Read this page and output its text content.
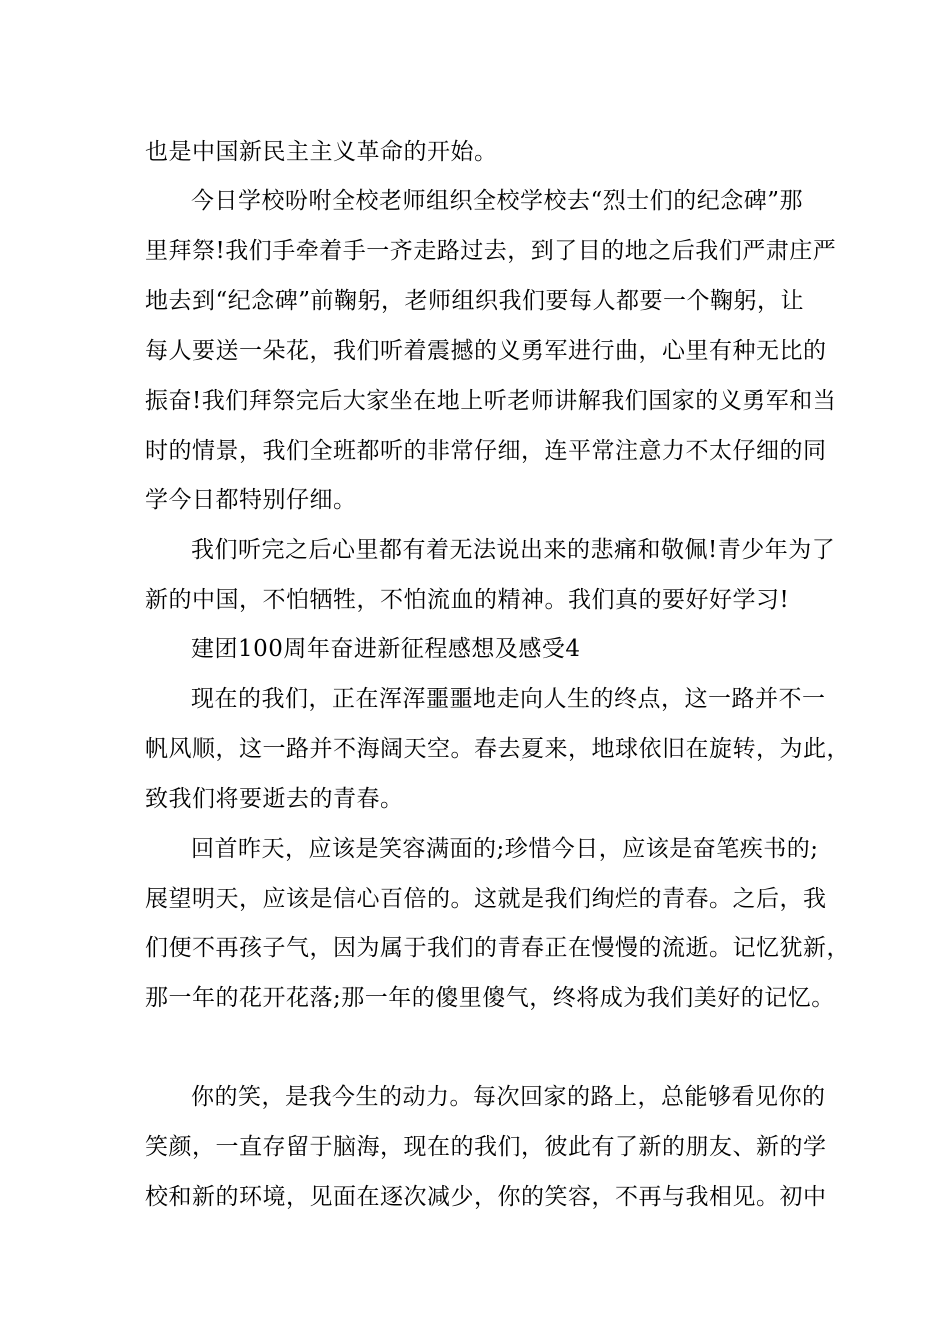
也是中国新民主主义革命的开始。
今日学校吩咐全校老师组织全校学校去“烈士们的纪念碑”那
里拜祭!我们手牵着手一齐走路过去，到了目的地之后我们严肃庄严
地去到“纪念碑”前鞠躬，老师组织我们要每人都要一个鞠躬，让
每人要送一朵花，我们听着震撼的义勇军进行曲，心里有种无比的
振奋!我们拜祭完后大家坐在地上听老师讲解我们国家的义勇军和当
时的情景，我们全班都听的非常仔细，连平常注意力不太仔细的同
学今日都特别仔细。
我们听完之后心里都有着无法说出来的悲痛和敬佩!青少年为了
新的中国，不怕牺牲，不怕流血的精神。我们真的要好好学习!
建团100周年奋进新征程感想及感受4
现在的我们，正在浑浑噩噩地走向人生的终点，这一路并不一
帆风顺，这一路并不海阔天空。春去夏来，地球依旧在旋转，为此，
致我们将要逝去的青春。
回首昨天，应该是笑容满面的;珍惜今日，应该是奋笔疾书的;
展望明天，应该是信心百倍的。这就是我们绚烂的青春。之后，我
们便不再孩子气，因为属于我们的青春正在慢慢的流逝。记忆犹新，
那一年的花开花落;那一年的傻里傻气，终将成为我们美好的记忆。
你的笑，是我今生的动力。每次回家的路上，总能够看见你的
笑颜，一直存留于脑海，现在的我们，彼此有了新的朋友、新的学
校和新的环境，见面在逐次减少，你的笑容，不再与我相见。初中
